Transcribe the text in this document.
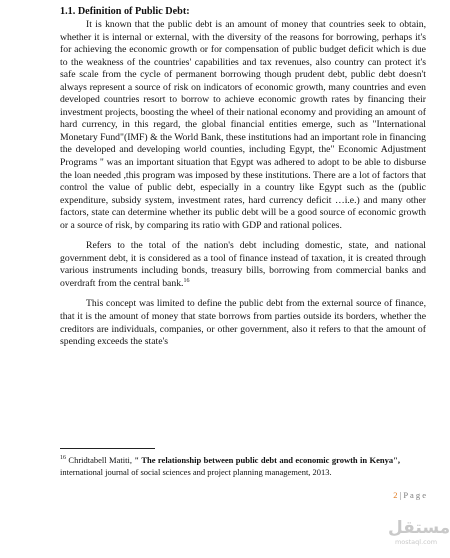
1.1. Definition of Public Debt:

It is known that the public debt is an amount of money that countries seek to obtain, whether it is internal or external, with the diversity of the reasons for borrowing, perhaps it's for achieving the economic growth or for compensation of public budget deficit which is due to the weakness of the countries' capabilities and tax revenues, also country can protect it's safe scale from the cycle of permanent borrowing though prudent debt, public debt doesn't always represent a source of risk on indicators of economic growth, many countries and even developed countries resort to borrow to achieve economic growth rates by financing their investment projects, boosting the wheel of their national economy and providing an amount of hard currency, in this regard, the global financial entities emerge, such as "International Monetary Fund"(IMF) & the World Bank, these institutions had an important role in financing the developed and developing world counties, including Egypt, the" Economic Adjustment Programs " was an important situation that Egypt was adhered to adopt to be able to disburse the loan needed ,this program was imposed by these institutions. There are a lot of factors that control the value of public debt, especially in a country like Egypt such as the (public expenditure, subsidy system, investment rates, hard currency deficit …i.e.) and many other factors, state can determine whether its public debt will be a good source of economic growth or a source of risk, by comparing its ratio with GDP and rational polices.

Refers to the total of the nation's debt including domestic, state, and national government debt, it is considered as a tool of finance instead of taxation, it is created through various instruments including bonds, treasury bills, borrowing from commercial banks and overdraft from the central bank.$^{16}$

This concept was limited to define the public debt from the external source of finance, that it is the amount of money that state borrows from parties outside its borders, whether the creditors are individuals, companies, or other government, also it refers to that the amount of spending exceeds the state's

$^{16}$ Chridtabell Matiti, " The relationship between public debt and economic growth in Kenya", international journal of social sciences and project planning management, 2013.
2 | P a g e
مستقل
mostaql.com
